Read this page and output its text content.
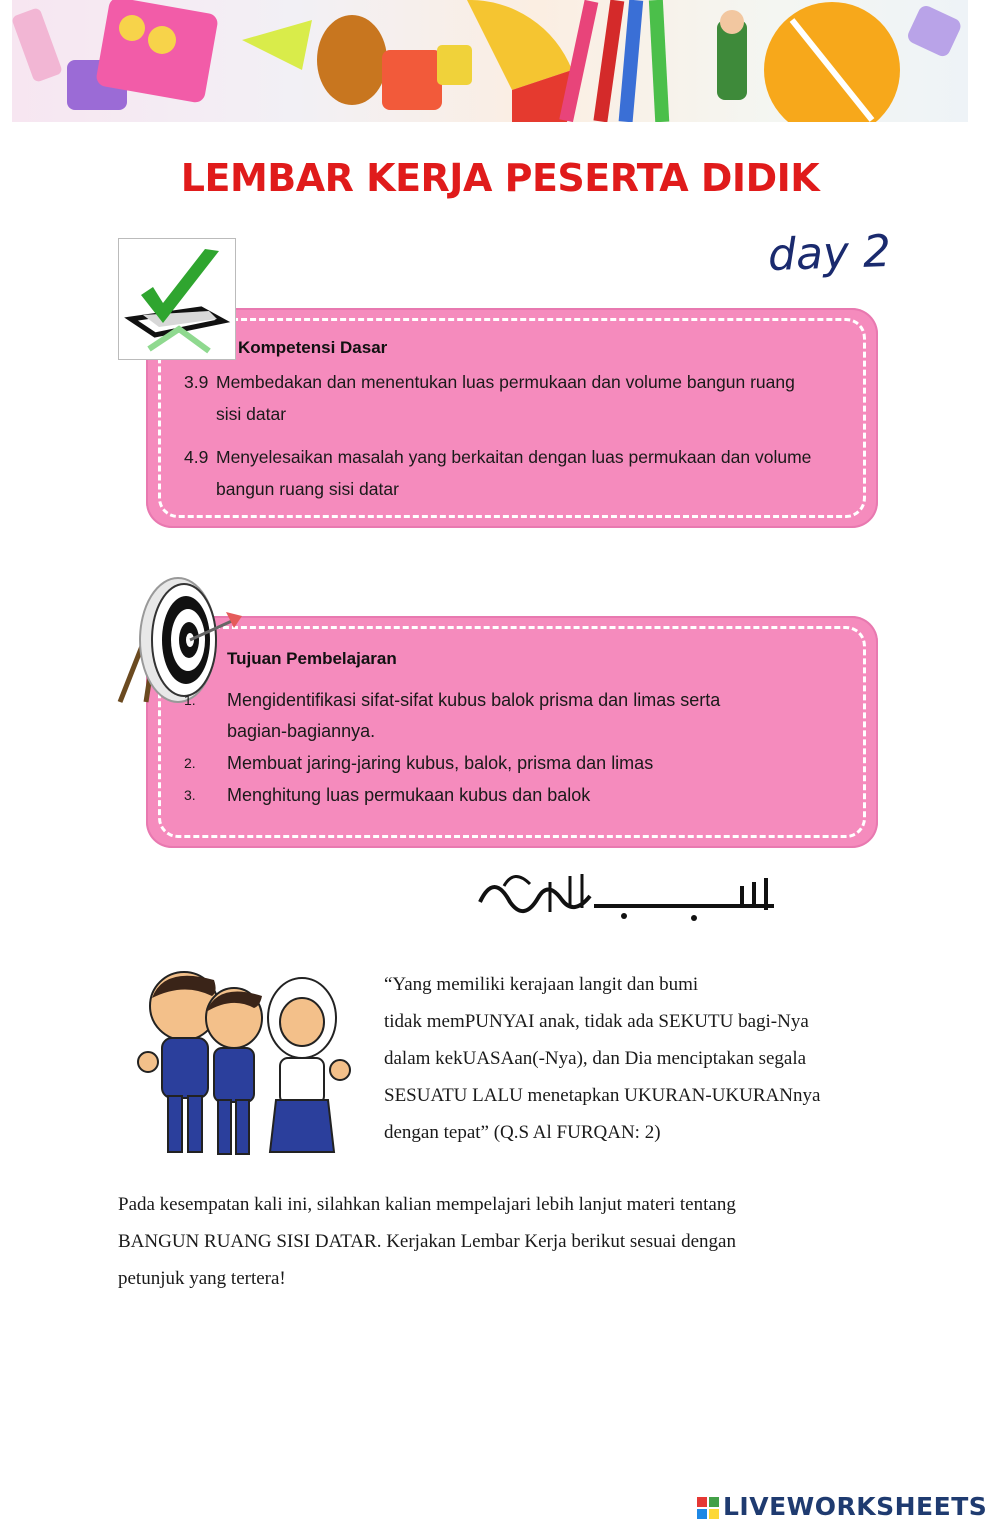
LEMBAR KERJA PESERTA DIDIK
day 2
Kompetensi Dasar
3.9 Membedakan dan menentukan luas permukaan dan volume bangun ruang sisi datar
4.9 Menyelesaikan masalah yang berkaitan dengan luas permukaan dan volume bangun ruang sisi datar
Tujuan Pembelajaran
1. Mengidentifikasi sifat-sifat kubus balok prisma dan limas serta
bagian-bagiannya.
2. Membuat jaring-jaring kubus, balok, prisma dan limas
3. Menghitung luas permukaan kubus dan balok
“Yang memiliki kerajaan langit dan bumi
tidak memPUNYAI anak, tidak ada SEKUTU bagi-Nya
dalam kekUASAan(-Nya), dan Dia menciptakan segala
SESUATU LALU menetapkan UKURAN-UKURANnya
dengan tepat” (Q.S Al FURQAN: 2)
Pada kesempatan kali ini, silahkan kalian mempelajari lebih lanjut materi tentang
BANGUN RUANG SISI DATAR. Kerjakan Lembar Kerja berikut sesuai dengan
petunjuk yang tertera!
LIVEWORKSHEETS
